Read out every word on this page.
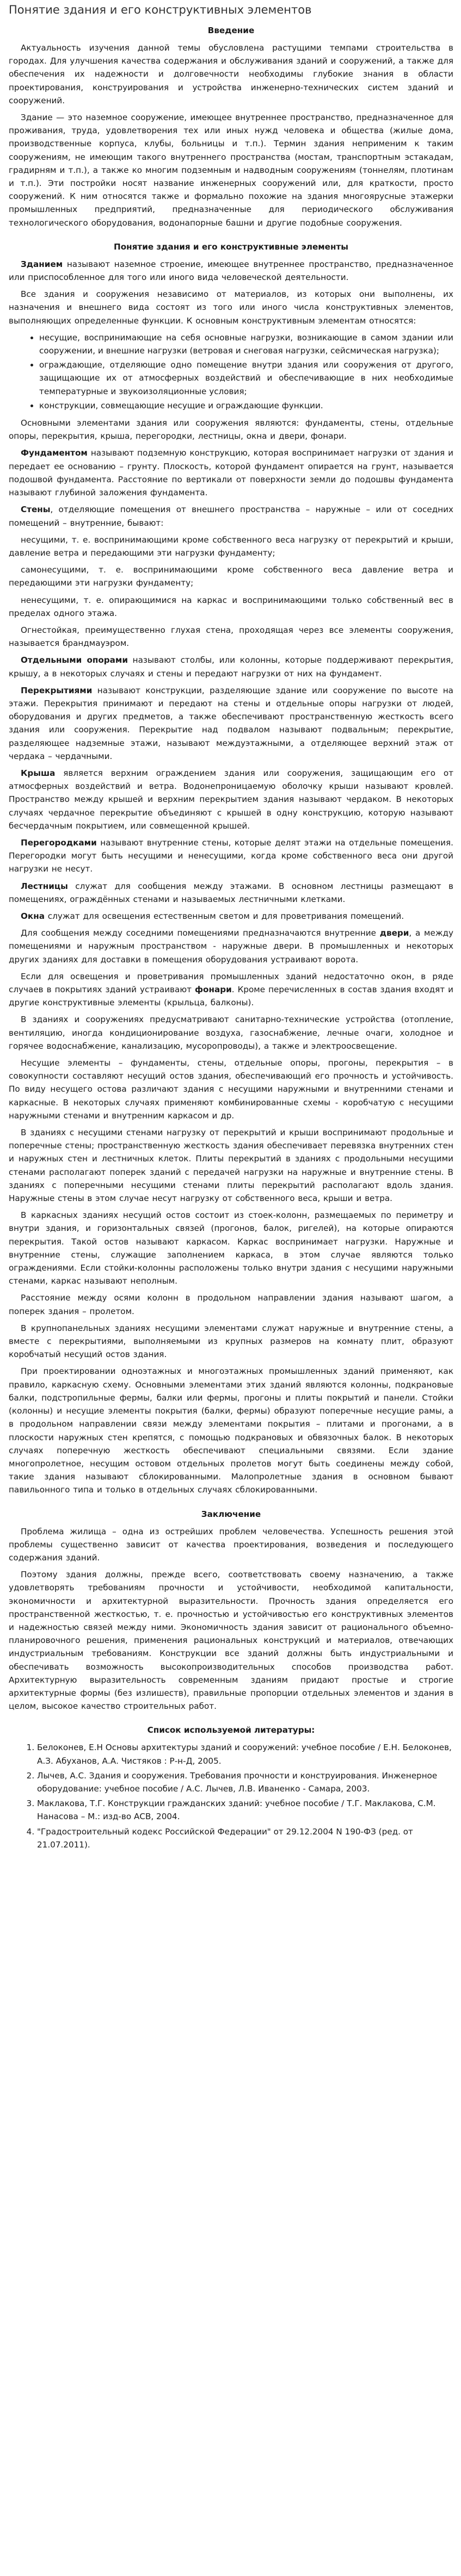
Понятие здания и его конструктивных элементов
Введение

Актуальность изучения данной темы обусловлена растущими темпами строительства в городах. Для улучшения качества содержания и обслуживания зданий и сооружений, а также для обеспечения их надежности и долговечности необходимы глубокие знания в области проектирования, конструирования и устройства инженерно-технических систем зданий и сооружений.

Здание — это наземное сооружение, имеющее внутреннее пространство, предназначенное для проживания, труда, удовлетворения тех или иных нужд человека и общества (жилые дома, производственные корпуса, клубы, больницы и т.п.). Термин здания неприменим к таким сооружениям, не имеющим такого внутреннего пространства (мостам, транспортным эстакадам, градирням и т.п.), а также ко многим подземным и надводным сооружениям (тоннелям, плотинам и т.п.). Эти постройки носят название инженерных сооружений или, для краткости, просто сооружений. К ним относятся также и формально похожие на здания многоярусные этажерки промышленных предприятий, предназначенные для периодического обслуживания технологического оборудования, водонапорные башни и другие подобные сооружения.

Понятие здания и его конструктивные элементы

Зданием называют наземное строение, имеющее внутреннее пространство, предназначенное или приспособленное для того или иного вида человеческой деятельности.

Все здания и сооружения независимо от материалов, из которых они выполнены, их назначения и внешнего вида состоят из того или иного числа конструктивных элементов, выполняющих определенные функции. К основным конструктивным элементам относятся:

• несущие, воспринимающие на себя основные нагрузки, возникающие в самом здании или сооружении, и внешние нагрузки (ветровая и снеговая нагрузки, сейсмическая нагрузка);
• ограждающие, отделяющие одно помещение внутри здания или сооружения от другого, защищающие их от атмосферных воздействий и обеспечивающие в них необходимые температурные и звукоизоляционные условия;
• конструкции, совмещающие несущие и ограждающие функции.

Основными элементами здания или сооружения являются: фундаменты, стены, отдельные опоры, перекрытия, крыша, перегородки, лестницы, окна и двери, фонари.

Фундаментом называют подземную конструкцию, которая воспринимает нагрузки от здания и передает ее основанию – грунту. Плоскость, которой фундамент опирается на грунт, называется подошвой фундамента. Расстояние по вертикали от поверхности земли до подошвы фундамента называют глубиной заложения фундамента.

Стены, отделяющие помещения от внешнего пространства – наружные – или от соседних помещений – внутренние, бывают:

несущими, т. е. воспринимающими кроме собственного веса нагрузку от перекрытий и крыши, давление ветра и передающими эти нагрузки фундаменту;

самонесущими, т. е. воспринимающими кроме собственного веса давление ветра и передающими эти нагрузки фундаменту;

ненесущими, т. е. опирающимися на каркас и воспринимающими только собственный вес в пределах одного этажа.

Огнестойкая, преимущественно глухая стена, проходящая через все элементы сооружения, называется брандмауэром.

Отдельными опорами называют столбы, или колонны, которые поддерживают перекрытия, крышу, а в некоторых случаях и стены и передают нагрузки от них на фундамент.

Перекрытиями называют конструкции, разделяющие здание или сооружение по высоте на этажи. Перекрытия принимают и передают на стены и отдельные опоры нагрузки от людей, оборудования и других предметов, а также обеспечивают пространственную жесткость всего здания или сооружения. Перекрытие над подвалом называют подвальным; перекрытие, разделяющее надземные этажи, называют междуэтажными, а отделяющее верхний этаж от чердака – чердачными.

Крыша является верхним ограждением здания или сооружения, защищающим его от атмосферных воздействий и ветра. Водонепроницаемую оболочку крыши называют кровлей. Пространство между крышей и верхним перекрытием здания называют чердаком. В некоторых случаях чердачное перекрытие объединяют с крышей в одну конструкцию, которую называют бесчердачным покрытием, или совмещенной крышей.

Перегородками называют внутренние стены, которые делят этажи на отдельные помещения. Перегородки могут быть несущими и ненесущими, когда кроме собственного веса они другой нагрузки не несут.

Лестницы служат для сообщения между этажами. В основном лестницы размещают в помещениях, ограждённых стенами и называемых лестничными клетками.

Окна служат для освещения естественным светом и для проветривания помещений.

Для сообщения между соседними помещениями предназначаются внутренние двери, а между помещениями и наружным пространством - наружные двери. В промышленных и некоторых других зданиях для доставки в помещения оборудования устраивают ворота.

Если для освещения и проветривания промышленных зданий недостаточно окон, в ряде случаев в покрытиях зданий устраивают фонари. Кроме перечисленных в состав здания входят и другие конструктивные элементы (крыльца, балконы).

В зданиях и сооружениях предусматривают санитарно-технические устройства (отопление, вентиляцию, иногда кондиционирование воздуха, газоснабжение, лечные очаги, холодное и горячее водоснабжение, канализацию, мусоропроводы), а также и электроосвещение.

Несущие элементы – фундаменты, стены, отдельные опоры, прогоны, перекрытия – в совокупности составляют несущий остов здания, обеспечивающий его прочность и устойчивость. По виду несущего остова различают здания с несущими наружными и внутренними стенами и каркасные. В некоторых случаях применяют комбинированные схемы - коробчатую с несущими наружными стенами и внутренним каркасом и др.

В зданиях с несущими стенами нагрузку от перекрытий и крыши воспринимают продольные и поперечные стены; пространственную жесткость здания обеспечивает перевязка внутренних стен и наружных стен и лестничных клеток. Плиты перекрытий в зданиях с продольными несущими стенами располагают поперек зданий с передачей нагрузки на наружные и внутренние стены. В зданиях с поперечными несущими стенами плиты перекрытий располагают вдоль здания. Наружные стены в этом случае несут нагрузку от собственного веса, крыши и ветра.

В каркасных зданиях несущий остов состоит из стоек-колонн, размещаемых по периметру и внутри здания, и горизонтальных связей (прогонов, балок, ригелей), на которые опираются перекрытия. Такой остов называют каркасом. Каркас воспринимает нагрузки. Наружные и внутренние стены, служащие заполнением каркаса, в этом случае являются только ограждениями. Если стойки-колонны расположены только внутри здания с несущими наружными стенами, каркас называют неполным.

Расстояние между осями колонн в продольном направлении здания называют шагом, а поперек здания – пролетом.

В крупнопанельных зданиях несущими элементами служат наружные и внутренние стены, а вместе с перекрытиями, выполняемыми из крупных размеров на комнату плит, образуют коробчатый несущий остов здания.

При проектировании одноэтажных и многоэтажных промышленных зданий применяют, как правило, каркасную схему. Основными элементами этих зданий являются колонны, подкрановые балки, подстропильные фермы, балки или фермы, прогоны и плиты покрытий и панели. Стойки (колонны) и несущие элементы покрытия (балки, фермы) образуют поперечные несущие рамы, а в продольном направлении связи между элементами покрытия – плитами и прогонами, а в плоскости наружных стен крепятся, с помощью подкрановых и обвязочных балок. В некоторых случаях поперечную жесткость обеспечивают специальными связями. Если здание многопролетное, несущим остовом отдельных пролетов могут быть соединены между собой, такие здания называют сблокированными. Малопролетные здания в основном бывают павильонного типа и только в отдельных случаях сблокированными.

Заключение

Проблема жилища – одна из острейших проблем человечества. Успешность решения этой проблемы существенно зависит от качества проектирования, возведения и последующего содержания зданий.

Поэтому здания должны, прежде всего, соответствовать своему назначению, а также удовлетворять требованиям прочности и устойчивости, необходимой капитальности, экономичности и архитектурной выразительности. Прочность здания определяется его пространственной жесткостью, т. е. прочностью и устойчивостью его конструктивных элементов и надежностью связей между ними. Экономичность здания зависит от рационального объемно-планировочного решения, применения рациональных конструкций и материалов, отвечающих индустриальным требованиям. Конструкции все зданий должны быть индустриальными и обеспечивать возможность высокопроизводительных способов производства работ. Архитектурную выразительность современным зданиям придают простые и строгие архитектурные формы (без излишеств), правильные пропорции отдельных элементов и здания в целом, высокое качество строительных работ.

Список используемой литературы:
1. Белоконев, Е.Н Основы архитектуры зданий и сооружений: учебное пособие / Е.Н. Белоконев, А.З. Абуханов, А.А. Чистяков : Р-н-Д, 2005.
2. Лычев, А.С. Здания и сооружения. Требования прочности и конструирования. Инженерное оборудование: учебное пособие / А.С. Лычев, Л.В. Иваненко - Самара, 2003.
3. Маклакова, Т.Г. Конструкции гражданских зданий: учебное пособие / Т.Г. Маклакова, С.М. Нанасова – М.: изд-во АСВ, 2004.
4. "Градостроительный кодекс Российской Федерации" от 29.12.2004 N 190-ФЗ (ред. от 21.07.2011).
